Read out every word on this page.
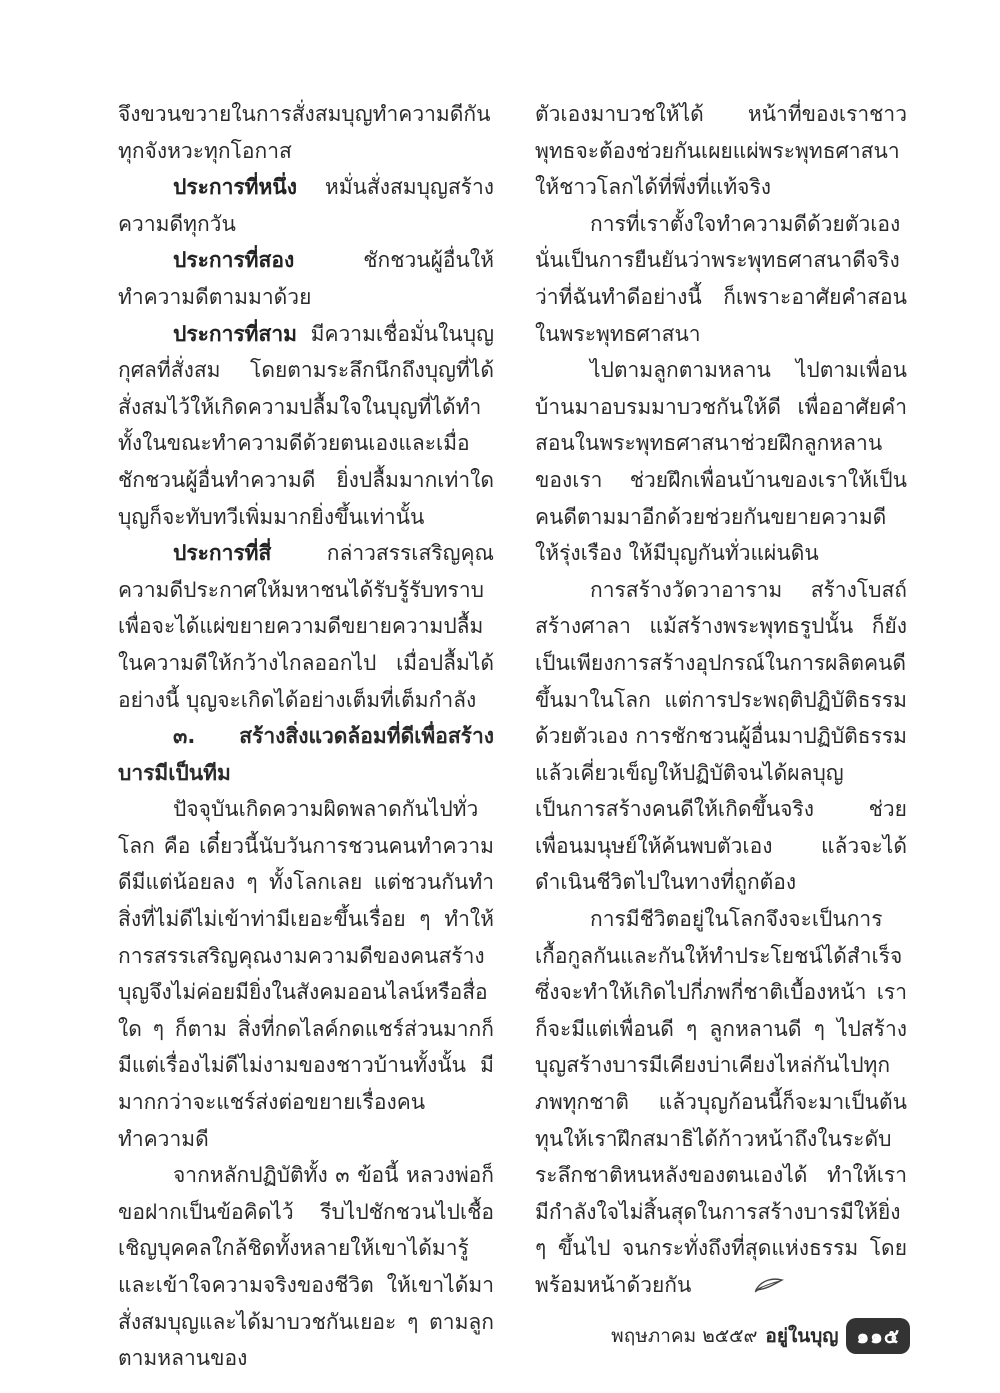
จึงขวนขวายในการสั่งสมบุญทำความดีกันทุกจังหวะทุกโอกาส

ประการที่หนึ่ง หมั่นสั่งสมบุญสร้างความดีทุกวัน

ประการที่สอง ชักชวนผู้อื่นให้ทำความดีตามมาด้วย

ประการที่สาม มีความเชื่อมั่นในบุญกุศลที่สั่งสม โดยตามระลึกนึกถึงบุญที่ได้สั่งสมไว้ให้เกิดความปลื้มใจในบุญที่ได้ทำ ทั้งในขณะทำความดีด้วยตนเองและเมื่อชักชวนผู้อื่นทำความดี ยิ่งปลื้มมากเท่าใด บุญก็จะทับทวีเพิ่มมากยิ่งขึ้นเท่านั้น

ประการที่สี่ กล่าวสรรเสริญคุณความดีประกาศให้มหาชนได้รับรู้รับทราบ เพื่อจะได้แผ่ขยายความดีขยายความปลื้มในความดีให้กว้างไกลออกไป เมื่อปลื้มได้อย่างนี้ บุญจะเกิดได้อย่างเต็มที่เต็มกำลัง

๓. สร้างสิ่งแวดล้อมที่ดีเพื่อสร้างบารมีเป็นทีม

ปัจจุบันเกิดความผิดพลาดกันไปทั่วโลก คือ เดี๋ยวนี้นับวันการชวนคนทำความดีมีแต่น้อยลง ๆ ทั้งโลกเลย แต่ชวนกันทำสิ่งที่ไม่ดีไม่เข้าท่ามีเยอะขึ้นเรื่อย ๆ ทำให้การสรรเสริญคุณงามความดีของคนสร้างบุญจึงไม่ค่อยมียิ่งในสังคมออนไลน์หรือสื่อใด ๆ ก็ตาม สิ่งที่กดไลค์กดแชร์ส่วนมากก็มีแต่เรื่องไม่ดีไม่งามของชาวบ้านทั้งนั้น มีมากกว่าจะแชร์ส่งต่อขยายเรื่องคนทำความดี

จากหลักปฏิบัติทั้ง ๓ ข้อนี้ หลวงพ่อก็ขอฝากเป็นข้อคิดไว้ รีบไปชักชวนไปเชื้อเชิญบุคคลใกล้ชิดทั้งหลายให้เขาได้มารู้และเข้าใจความจริงของชีวิต ให้เขาได้มาสั่งสมบุญและได้มาบวชกันเยอะ ๆ ตามลูกตามหลานของ

ตัวเองมาบวชให้ได้ หน้าที่ของเราชาวพุทธจะต้องช่วยกันเผยแผ่พระพุทธศาสนาให้ชาวโลกได้ที่พึ่งที่แท้จริง

การที่เราตั้งใจทำความดีด้วยตัวเอง นั่นเป็นการยืนยันว่าพระพุทธศาสนาดีจริง ว่าที่ฉันทำดีอย่างนี้ ก็เพราะอาศัยคำสอนในพระพุทธศาสนา

ไปตามลูกตามหลาน ไปตามเพื่อนบ้านมาอบรมมาบวชกันให้ดี เพื่ออาศัยคำสอนในพระพุทธศาสนาช่วยฝึกลูกหลานของเรา ช่วยฝึกเพื่อนบ้านของเราให้เป็นคนดีตามมาอีกด้วยช่วยกันขยายความดีให้รุ่งเรือง ให้มีบุญกันทั่วแผ่นดิน

การสร้างวัดวาอาราม สร้างโบสถ์สร้างศาลา แม้สร้างพระพุทธรูปนั้น ก็ยังเป็นเพียงการสร้างอุปกรณ์ในการผลิตคนดีขึ้นมาในโลก แต่การประพฤติปฏิบัติธรรมด้วยตัวเอง การชักชวนผู้อื่นมาปฏิบัติธรรม แล้วเคี่ยวเข็ญให้ปฏิบัติจนได้ผลบุญ เป็นการสร้างคนดีให้เกิดขึ้นจริง ช่วยเพื่อนมนุษย์ให้ค้นพบตัวเอง แล้วจะได้ดำเนินชีวิตไปในทางที่ถูกต้อง

การมีชีวิตอยู่ในโลกจึงจะเป็นการเกื้อกูลกันและกันให้ทำประโยชน์ได้สำเร็จ ซึ่งจะทำให้เกิดไปกี่ภพกี่ชาติเบื้องหน้า เราก็จะมีแต่เพื่อนดี ๆ ลูกหลานดี ๆ ไปสร้างบุญสร้างบารมีเคียงบ่าเคียงไหล่กันไปทุกภพทุกชาติ แล้วบุญก้อนนี้ก็จะมาเป็นต้นทุนให้เราฝึกสมาธิได้ก้าวหน้าถึงในระดับระลึกชาติหนหลังของตนเองได้ ทำให้เรามีกำลังใจไม่สิ้นสุดในการสร้างบารมีให้ยิ่ง ๆ ขึ้นไป จนกระทั่งถึงที่สุดแห่งธรรม โดยพร้อมหน้าด้วยกัน

พฤษภาคม ๒๕๕๙ อยู่ในบุญ ๑๑๕
